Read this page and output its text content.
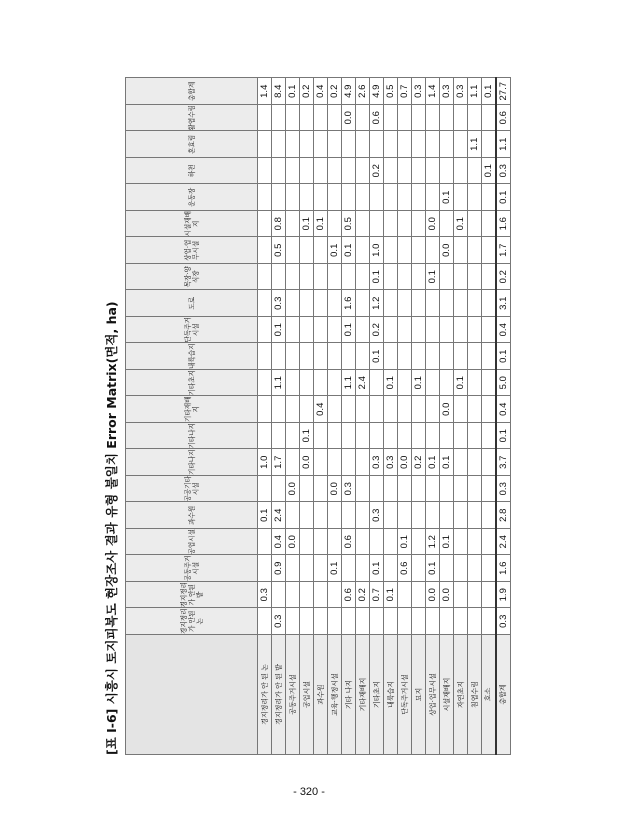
[표 Ⅰ-6] 시흥시 토지피복도 현장조사 결과 유형 불일치 Error Matrix(면적, ha)
		경지정리가 안된 논	경지정리가 안된 밭	공동주거시설	공업시설	과수원	공공기타시설	기타나지	기타나지	기타재배지	기타초지	내륙습지	단독주거시설	도로	목장·양식장	상업·업무시설	시설재배지	운동장	하천	혼효림	활엽수림	총합계
경지정리가 안 된 논		0.3			0.1		1.0														1.4
경지정리가 안 된 밭	0.3		0.9	0.4	2.4		1.7			1.1		0.1	0.3		0.5	0.8					8.4
공동주거시설				0.0		0.0															0.1
공업시설							0.0	0.1								0.1					0.2
과수원									0.4							0.1					0.4
교육·행정시설			0.1			0.0									0.1						0.2
기타 나지		0.6		0.6		0.3				1.1		0.1	1.6		0.1	0.5				0.0	4.9
기타재배지		0.2								2.4											2.6
기타초지		0.7	0.1		0.3		0.3				0.1	0.2	1.2	0.1	1.0			0.2		0.6	4.9
내륙습지		0.1					0.3			0.1											0.5
단독주거시설			0.6	0.1			0.0														0.7
묘지							0.2			0.1											0.3
상업·업무시설		0.0	0.1	1.2			0.1							0.1		0.0					1.4
시설재배지		0.0		0.1			0.1		0.0						0.0		0.1				0.3
자연초지										0.1						0.1					0.3
침엽수림																			1.1		1.1
호소																		0.1			0.1
총합계	0.3	1.9	1.6	2.4	2.8	0.3	3.7	0.1	0.4	5.0	0.1	0.4	3.1	0.2	1.7	1.6	0.1	0.3	1.1	0.6	27.7
- 320 -
